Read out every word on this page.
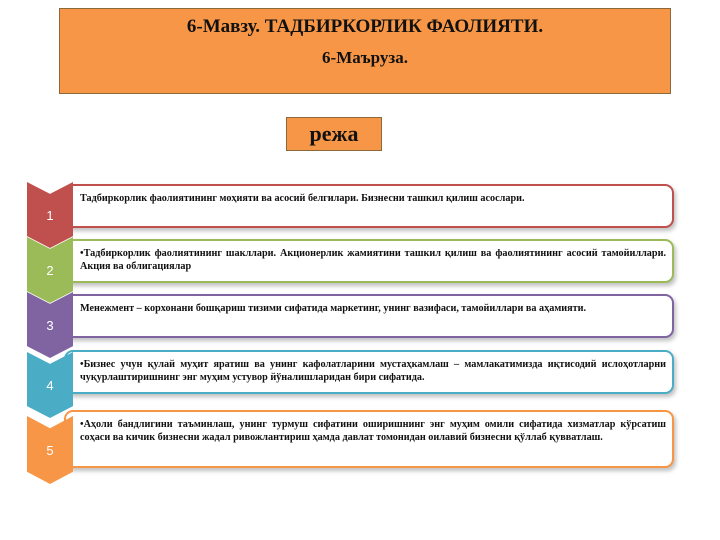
6-Мавзу. ТАДБИРКОРЛИК ФАОЛИЯТИ.
6-Маъруза.
режа
Тадбиркорлик фаолиятининг моҳияти ва асосий белгилари. Бизнесни ташкил қилиш асослари.
1
•Тадбиркорлик фаолиятининг шакллари. Акционерлик жамиятини ташкил қилиш ва фаолиятининг асосий тамойиллари. Акция ва облигациялар
2
Менежмент – корхонани бошқариш тизими сифатида маркетинг, унинг вазифаси, тамойиллари ва аҳамияти.
3
•Бизнес учун қулай муҳит яратиш ва унинг кафолатларини мустаҳкамлаш – мамлакатимизда иқтисодий ислоҳотларни чуқурлаштиришнинг энг муҳим устувор йўналишларидан бири сифатида.
4
•Аҳоли бандлигини таъминлаш, унинг турмуш сифатини оширишнинг энг муҳим омили сифатида хизматлар кўрсатиш соҳаси ва кичик бизнесни жадал ривожлантириш ҳамда давлат томонидан оилавий бизнесни қўллаб қувватлаш.
5
